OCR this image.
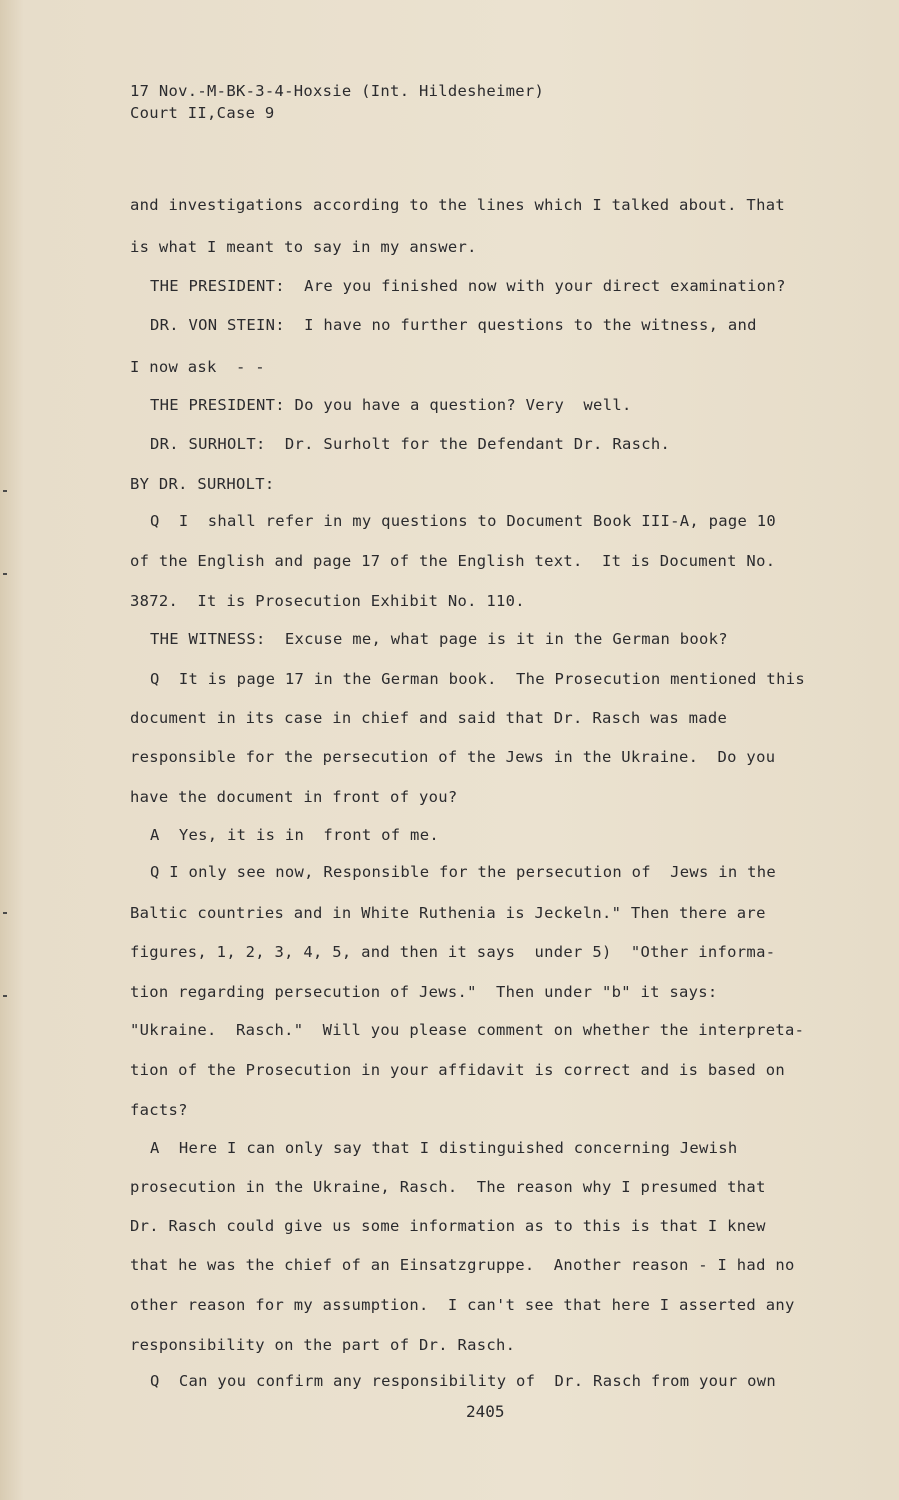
17 Nov.-M-BK-3-4-Hoxsie (Int. Hildesheimer)
Court II,Case 9
and investigations according to the lines which I talked about. That
is what I meant to say in my answer.
THE PRESIDENT:  Are you finished now with your direct examination?
DR. VON STEIN:  I have no further questions to the witness, and
I now ask  - -
THE PRESIDENT: Do you have a question? Very  well.
DR. SURHOLT:  Dr. Surholt for the Defendant Dr. Rasch.
BY DR. SURHOLT:
Q  I  shall refer in my questions to Document Book III-A, page 10
of the English and page 17 of the English text.  It is Document No.
3872.  It is Prosecution Exhibit No. 110.
THE WITNESS:  Excuse me, what page is it in the German book?
Q  It is page 17 in the German book.  The Prosecution mentioned this
document in its case in chief and said that Dr. Rasch was made
responsible for the persecution of the Jews in the Ukraine.  Do you
have the document in front of you?
A  Yes, it is in  front of me.
Q I only see now, Responsible for the persecution of  Jews in the
Baltic countries and in White Ruthenia is Jeckeln." Then there are
figures, 1, 2, 3, 4, 5, and then it says  under 5)  "Other informa-
tion regarding persecution of Jews."  Then under "b" it says:
"Ukraine.  Rasch."  Will you please comment on whether the interpreta-
tion of the Prosecution in your affidavit is correct and is based on
facts?
A  Here I can only say that I distinguished concerning Jewish
prosecution in the Ukraine, Rasch.  The reason why I presumed that
Dr. Rasch could give us some information as to this is that I knew
that he was the chief of an Einsatzgruppe.  Another reason - I had no
other reason for my assumption.  I can't see that here I asserted any
responsibility on the part of Dr. Rasch.
Q  Can you confirm any responsibility of  Dr. Rasch from your own
2405
